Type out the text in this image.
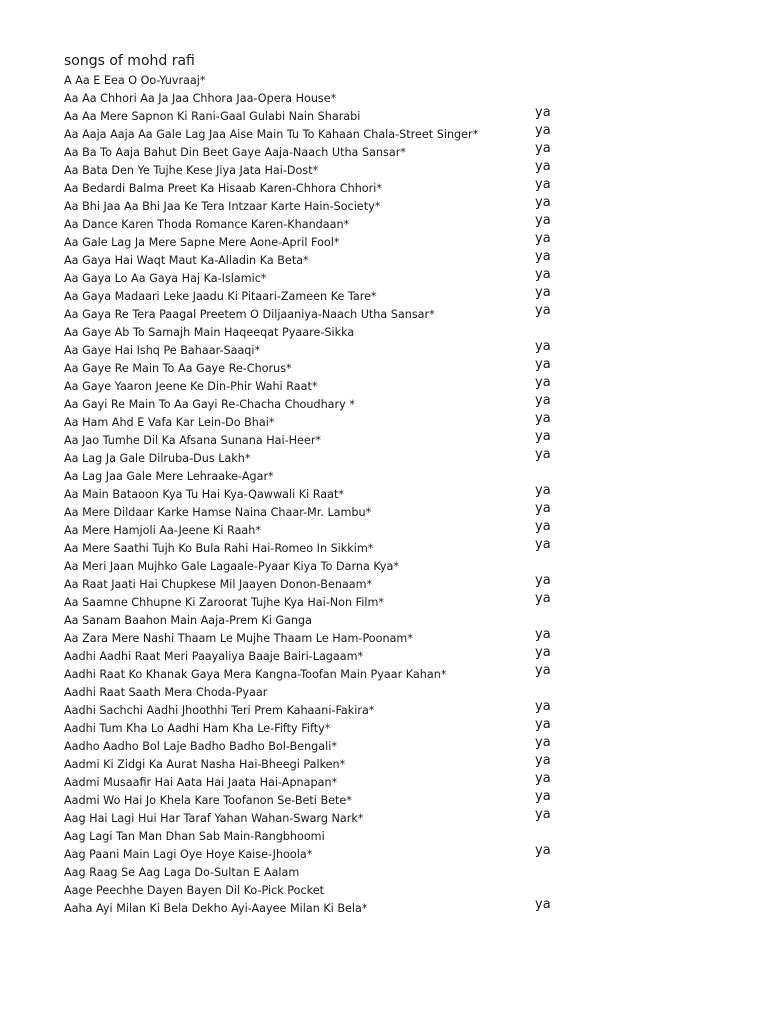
songs of mohd rafi
A Aa E Eea O Oo-Yuvraaj*
Aa Aa Chhori Aa Ja Jaa Chhora Jaa-Opera House*
Aa Aa Mere Sapnon Ki Rani-Gaal Gulabi Nain Sharabi	ya
Aa Aaja Aaja Aa Gale Lag Jaa Aise Main Tu To Kahaan Chala-Street Singer*	ya
Aa Ba To Aaja Bahut Din Beet Gaye Aaja-Naach Utha Sansar*	ya
Aa Bata Den Ye Tujhe Kese Jiya Jata Hai-Dost*	ya
Aa Bedardi Balma Preet Ka Hisaab Karen-Chhora Chhori*	ya
Aa Bhi Jaa Aa Bhi Jaa Ke Tera Intzaar Karte Hain-Society*	ya
Aa Dance Karen Thoda Romance Karen-Khandaan*	ya
Aa Gale Lag Ja Mere Sapne Mere Aone-April Fool*	ya
Aa Gaya Hai Waqt Maut Ka-Alladin Ka Beta*	ya
Aa Gaya Lo Aa Gaya Haj Ka-Islamic*	ya
Aa Gaya Madaari Leke Jaadu Ki Pitaari-Zameen Ke Tare*	ya
Aa Gaya Re Tera Paagal Preetem O Diljaaniya-Naach Utha Sansar*	ya
Aa Gaye Ab To Samajh Main Haqeeqat Pyaare-Sikka
Aa Gaye Hai Ishq Pe Bahaar-Saaqi*	ya
Aa Gaye Re Main To Aa Gaye Re-Chorus*	ya
Aa Gaye Yaaron Jeene Ke Din-Phir Wahi Raat*	ya
Aa Gayi Re Main To Aa Gayi Re-Chacha Choudhary *	ya
Aa Ham Ahd E Vafa Kar Lein-Do Bhai*	ya
Aa Jao Tumhe Dil Ka Afsana Sunana Hai-Heer*	ya
Aa Lag Ja Gale Dilruba-Dus Lakh*	ya
Aa Lag Jaa Gale Mere Lehraake-Agar*
Aa Main Bataoon Kya Tu Hai Kya-Qawwali Ki Raat*	ya
Aa Mere Dildaar Karke Hamse Naina Chaar-Mr. Lambu*	ya
Aa Mere Hamjoli Aa-Jeene Ki Raah*	ya
Aa Mere Saathi Tujh Ko Bula Rahi Hai-Romeo In Sikkim*	ya
Aa Meri Jaan Mujhko Gale Lagaale-Pyaar Kiya To Darna Kya*
Aa Raat Jaati Hai Chupkese Mil Jaayen Donon-Benaam*	ya
Aa Saamne Chhupne Ki Zaroorat Tujhe Kya Hai-Non Film*	ya
Aa Sanam Baahon Main Aaja-Prem Ki Ganga
Aa Zara Mere Nashi Thaam Le Mujhe Thaam Le Ham-Poonam*	ya
Aadhi Aadhi Raat Meri Paayaliya Baaje Bairi-Lagaam*	ya
Aadhi Raat Ko Khanak Gaya Mera Kangna-Toofan Main Pyaar Kahan*	ya
Aadhi Raat Saath Mera Choda-Pyaar
Aadhi Sachchi Aadhi Jhoothhi Teri Prem Kahaani-Fakira*	ya
Aadhi Tum Kha Lo Aadhi Ham Kha Le-Fifty Fifty*	ya
Aadho Aadho Bol Laje Badho Badho Bol-Bengali*	ya
Aadmi Ki Zidgi Ka Aurat Nasha Hai-Bheegi Palken*	ya
Aadmi Musaafir Hai Aata Hai Jaata Hai-Apnapan*	ya
Aadmi Wo Hai Jo Khela Kare Toofanon Se-Beti Bete*	ya
Aag Hai Lagi Hui Har Taraf Yahan Wahan-Swarg Nark*	ya
Aag Lagi Tan Man Dhan Sab Main-Rangbhoomi
Aag Paani Main Lagi Oye Hoye Kaise-Jhoola*	ya
Aag Raag Se Aag Laga Do-Sultan E Aalam
Aage Peechhe Dayen Bayen Dil Ko-Pick Pocket
Aaha Ayi Milan Ki Bela Dekho Ayi-Aayee Milan Ki Bela*	ya
